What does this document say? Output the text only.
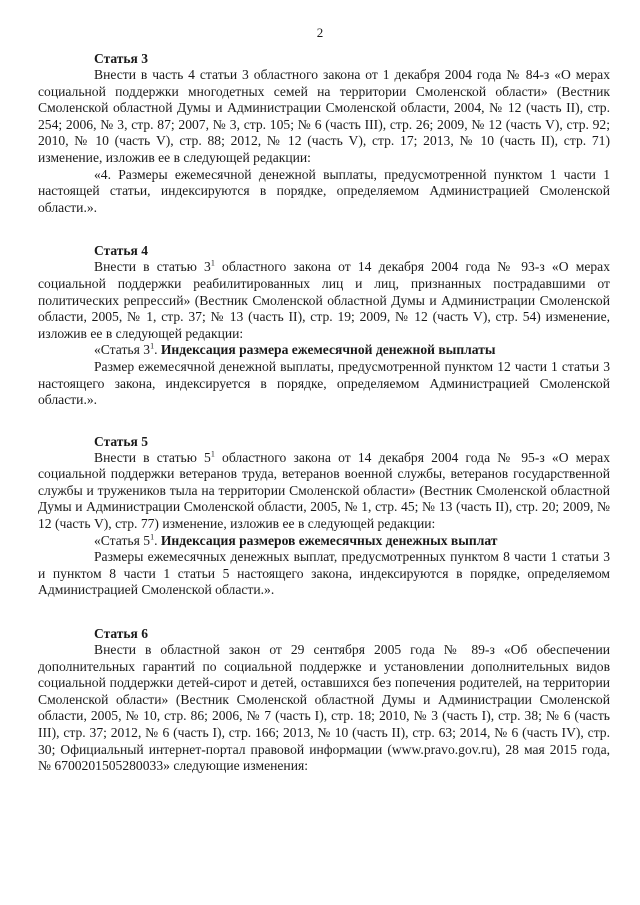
2
Статья 3

Внести в часть 4 статьи 3 областного закона от 1 декабря 2004 года № 84-з «О мерах социальной поддержки многодетных семей на территории Смоленской области» (Вестник Смоленской областной Думы и Администрации Смоленской области, 2004, № 12 (часть II), стр. 254; 2006, № 3, стр. 87; 2007, № 3, стр. 105; № 6 (часть III), стр. 26; 2009, № 12 (часть V), стр. 92; 2010, № 10 (часть V), стр. 88; 2012, № 12 (часть V), стр. 17; 2013, № 10 (часть II), стр. 71) изменение, изложив ее в следующей редакции:

«4. Размеры ежемесячной денежной выплаты, предусмотренной пунктом 1 части 1 настоящей статьи, индексируются в порядке, определяемом Администрацией Смоленской области.».

Статья 4

Внести в статью $3^1$ областного закона от 14 декабря 2004 года № 93-з «О мерах социальной поддержки реабилитированных лиц и лиц, признанных пострадавшими от политических репрессий» (Вестник Смоленской областной Думы и Администрации Смоленской области, 2005, № 1, стр. 37; № 13 (часть II), стр. 19; 2009, № 12 (часть V), стр. 54) изменение, изложив ее в следующей редакции:

«Статья $3^1$. Индексация размера ежемесячной денежной выплаты

Размер ежемесячной денежной выплаты, предусмотренной пунктом 12 части 1 статьи 3 настоящего закона, индексируется в порядке, определяемом Администрацией Смоленской области.».

Статья 5

Внести в статью $5^1$ областного закона от 14 декабря 2004 года № 95-з «О мерах социальной поддержки ветеранов труда, ветеранов военной службы, ветеранов государственной службы и тружеников тыла на территории Смоленской области» (Вестник Смоленской областной Думы и Администрации Смоленской области, 2005, № 1, стр. 45; № 13 (часть II), стр. 20; 2009, № 12 (часть V), стр. 77) изменение, изложив ее в следующей редакции:

«Статья $5^1$. Индексация размеров ежемесячных денежных выплат

Размеры ежемесячных денежных выплат, предусмотренных пунктом 8 части 1 статьи 3 и пунктом 8 части 1 статьи 5 настоящего закона, индексируются в порядке, определяемом Администрацией Смоленской области.».

Статья 6

Внести в областной закон от 29 сентября 2005 года № 89-з «Об обеспечении дополнительных гарантий по социальной поддержке и установлении дополнительных видов социальной поддержки детей-сирот и детей, оставшихся без попечения родителей, на территории Смоленской области» (Вестник Смоленской областной Думы и Администрации Смоленской области, 2005, № 10, стр. 86; 2006, № 7 (часть I), стр. 18; 2010, № 3 (часть I), стр. 38; № 6 (часть III), стр. 37; 2012, № 6 (часть I), стр. 166; 2013, № 10 (часть II), стр. 63; 2014, № 6 (часть IV), стр. 30; Официальный интернет-портал правовой информации (www.pravo.gov.ru), 28 мая 2015 года, № 6700201505280033» следующие изменения:
